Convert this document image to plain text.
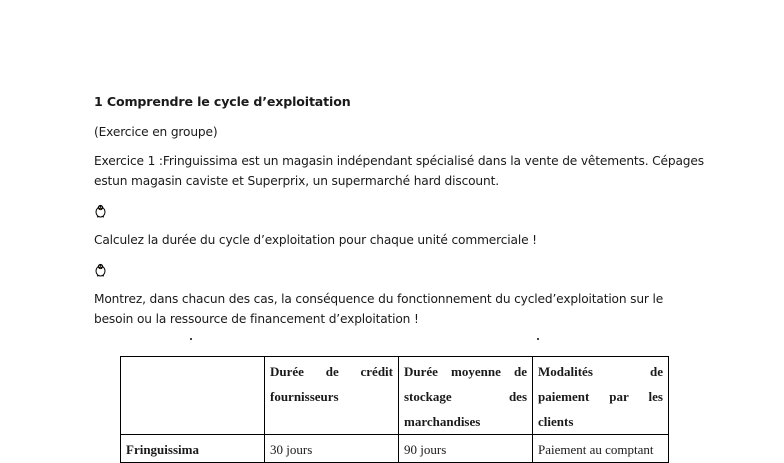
1 Comprendre le cycle d’exploitation
(Exercice en groupe)
Exercice 1 :Fringuissima est un magasin indépendant spécialisé dans la vente de vêtements. Cépages
estun magasin caviste et Superprix, un supermarché hard discount.
Calculez la durée du cycle d’exploitation pour chaque unité commerciale !
Montrez, dans chacun des cas, la conséquence du fonctionnement du cycled’exploitation sur le
besoin ou la ressource de financement d’exploitation !

	Durée de crédit
fournisseurs	Durée moyenne de
stockage des
marchandises	Modalités de
paiement par les
clients

Fringuissima	30 jours	90 jours	Paiement au comptant
